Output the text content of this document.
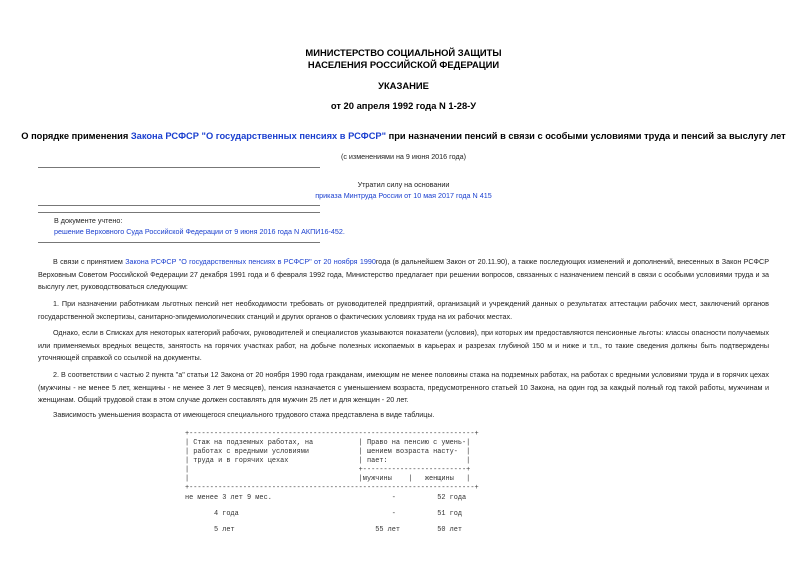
МИНИСТЕРСТВО СОЦИАЛЬНОЙ ЗАЩИТЫ
НАСЕЛЕНИЯ РОССИЙСКОЙ ФЕДЕРАЦИИ
УКАЗАНИЕ
от 20 апреля 1992 года N 1-28-У
О порядке применения Закона РСФСР "О государственных пенсиях в РСФСР" при назначении пенсий в связи с особыми условиями труда и пенсий за выслугу лет
(с изменениями на 9 июня 2016 года)
Утратил силу на основании
приказа Минтруда России от 10 мая 2017 года N 415
В документе учтено:
решение Верховного Суда Российской Федерации от 9 июня 2016 года N АКПИ16-452.
В связи с принятием Закона РСФСР "О государственных пенсиях в РСФСР" от 20 ноября 1990года (в дальнейшем Закон от 20.11.90), а также последующих изменений и дополнений, внесенных в Закон РСФСР Верховным Советом Российской Федерации 27 декабря 1991 года и 6 февраля 1992 года, Министерство предлагает при решении вопросов, связанных с назначением пенсий в связи с особыми условиями труда и за выслугу лет, руководствоваться следующим:
1. При назначении работникам льготных пенсий нет необходимости требовать от руководителей предприятий, организаций и учреждений данных о результатах аттестации рабочих мест, заключений органов государственной экспертизы, санитарно-эпидемиологических станций и других органов о фактических условиях труда на их рабочих местах.
Однако, если в Списках для некоторых категорий рабочих, руководителей и специалистов указываются показатели (условия), при которых им предоставляются пенсионные льготы: классы опасности получаемых или применяемых вредных веществ, занятость на горячих участках работ, на добыче полезных ископаемых в карьерах и разрезах глубиной 150 м и ниже и т.п., то такие сведения должны быть подтверждены уточняющей справкой со ссылкой на документы.
2. В соответствии с частью 2 пункта "а" статьи 12 Закона от 20 ноября 1990 года гражданам, имеющим не менее половины стажа на подземных работах, на работах с вредными условиями труда и в горячих цехах (мужчины - не менее 5 лет, женщины - не менее 3 лет 9 месяцев), пенсия назначается с уменьшением возраста, предусмотренного статьей 10 Закона, на один год за каждый полный год такой работы, мужчинам и женщинам. Общий трудовой стаж в этом случае должен составлять для мужчин 25 лет и для женщин - 20 лет.
Зависимость уменьшения возраста от имеющегося специального трудового стажа представлена в виде таблицы.
+---------------------------------------------------------------------+
| Стаж на подземных работах, на           | Право на пенсию с умень-|
| работах с вредными условиями            | шением возраста насту-  |
| труда и в горячих цехах                 | пает:                   |
|                                         +-------------------------+
|                                         |мужчины    |   женщины   |
+---------------------------------------------------------------------+
не менее 3 лет 9 мес.                             -          52 года
4 года                                     -          51 год
5 лет                                  55 лет         50 лет
